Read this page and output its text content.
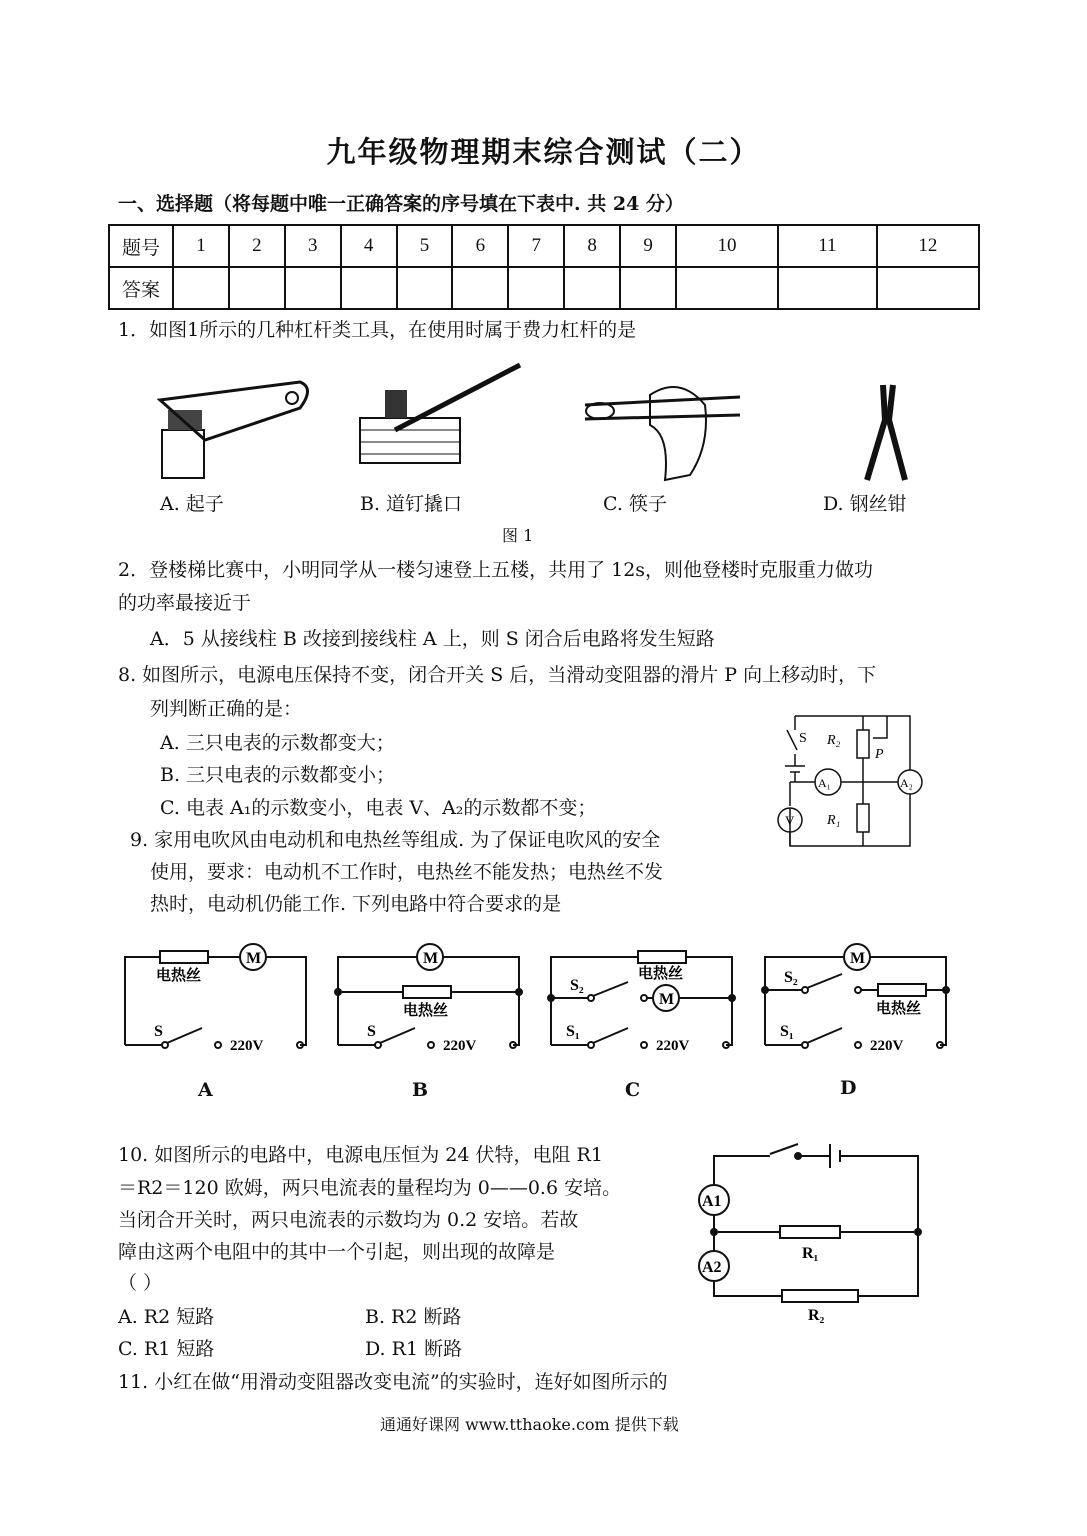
九年级物理期末综合测试（二）
一、选择题（将每题中唯一正确答案的序号填在下表中. 共 24 分）
题号	1	2	3	4	5	6	7	8	9	10	11	12
答案												
1．如图1所示的几种杠杆类工具，在使用时属于费力杠杆的是
A. 起子	B. 道钉撬口	C. 筷子	D. 钢丝钳
图 1
2．登楼梯比赛中，小明同学从一楼匀速登上五楼，共用了 12s，则他登楼时克服重力做功
的功率最接近于
A．5 从接线柱 B 改接到接线柱 A 上，则 S 闭合后电路将发生短路
8. 如图所示，电源电压保持不变，闭合开关 S 后，当滑动变阻器的滑片 P 向上移动时，下
列判断正确的是：
A. 三只电表的示数都变大；
B. 三只电表的示数都变小；
C. 电表 A₁的示数变小，电表 V、A₂的示数都不变；
S R₂
P
A₁	A₂
V R₁
9. 家用电吹风由电动机和电热丝等组成. 为了保证电吹风的安全
使用，要求：电动机不工作时，电热丝不能发热；电热丝不发
热时，电动机仍能工作. 下列电路中符合要求的是
M
电热丝
S
220V
M
电热丝
S
220V
电热丝
S₂
M
S₁
220V
M
S₂
电热丝
S₁
220V
A	B	C	D
10. 如图所示的电路中，电源电压恒为 24 伏特，电阻 R1
＝R2＝120 欧姆，两只电流表的量程均为 0——0.6 安培。
当闭合开关时，两只电流表的示数均为 0.2 安培。若故
障由这两个电阻中的其中一个引起，则出现的故障是
（ ）
A. R2 短路	B. R2 断路
C. R1 短路	D. R1 断路
A1
A2
R₁
R₂
11. 小红在做“用滑动变阻器改变电流”的实验时，连好如图所示的
通通好课网 www.tthaoke.com 提供下载
